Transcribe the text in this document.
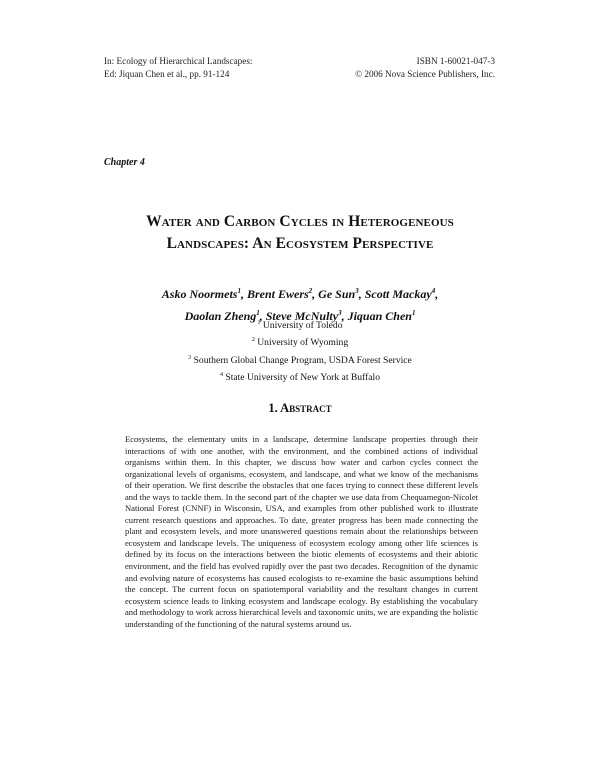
In: Ecology of Hierarchical Landscapes:
Ed: Jiquan Chen et al., pp. 91-124
ISBN 1-60021-047-3
© 2006 Nova Science Publishers, Inc.
Chapter 4
Water and Carbon Cycles in Heterogeneous
Landscapes: An Ecosystem Perspective
Asko Noormets$^1$, Brent Ewers$^2$, Ge Sun$^3$, Scott Mackay$^4$,
Daolan Zheng$^1$, Steve McNulty$^3$, Jiquan Chen$^1$
$^1$ University of Toledo
$^2$ University of Wyoming
$^3$ Southern Global Change Program, USDA Forest Service
$^4$ State University of New York at Buffalo
1. Abstract
Ecosystems, the elementary units in a landscape, determine landscape properties through their interactions of with one another, with the environment, and the combined actions of individual organisms within them. In this chapter, we discuss how water and carbon cycles connect the organizational levels of organisms, ecosystem, and landscape, and what we know of the mechanisms of their operation. We first describe the obstacles that one faces trying to connect these different levels and the ways to tackle them. In the second part of the chapter we use data from Chequamegon-Nicolet National Forest (CNNF) in Wisconsin, USA, and examples from other published work to illustrate current research questions and approaches. To date, greater progress has been made connecting the plant and ecosystem levels, and more unanswered questions remain about the relationships between ecosystem and landscape levels. The uniqueness of ecosystem ecology among other life sciences is defined by its focus on the interactions between the biotic elements of ecosystems and their abiotic environment, and the field has evolved rapidly over the past two decades. Recognition of the dynamic and evolving nature of ecosystems has caused ecologists to re-examine the basic assumptions behind the concept. The current focus on spatiotemporal variability and the resultant changes in current ecosystem science leads to linking ecosystem and landscape ecology. By establishing the vocabulary and methodology to work across hierarchical levels and taxonomic units, we are expanding the holistic understanding of the functioning of the natural systems around us.
